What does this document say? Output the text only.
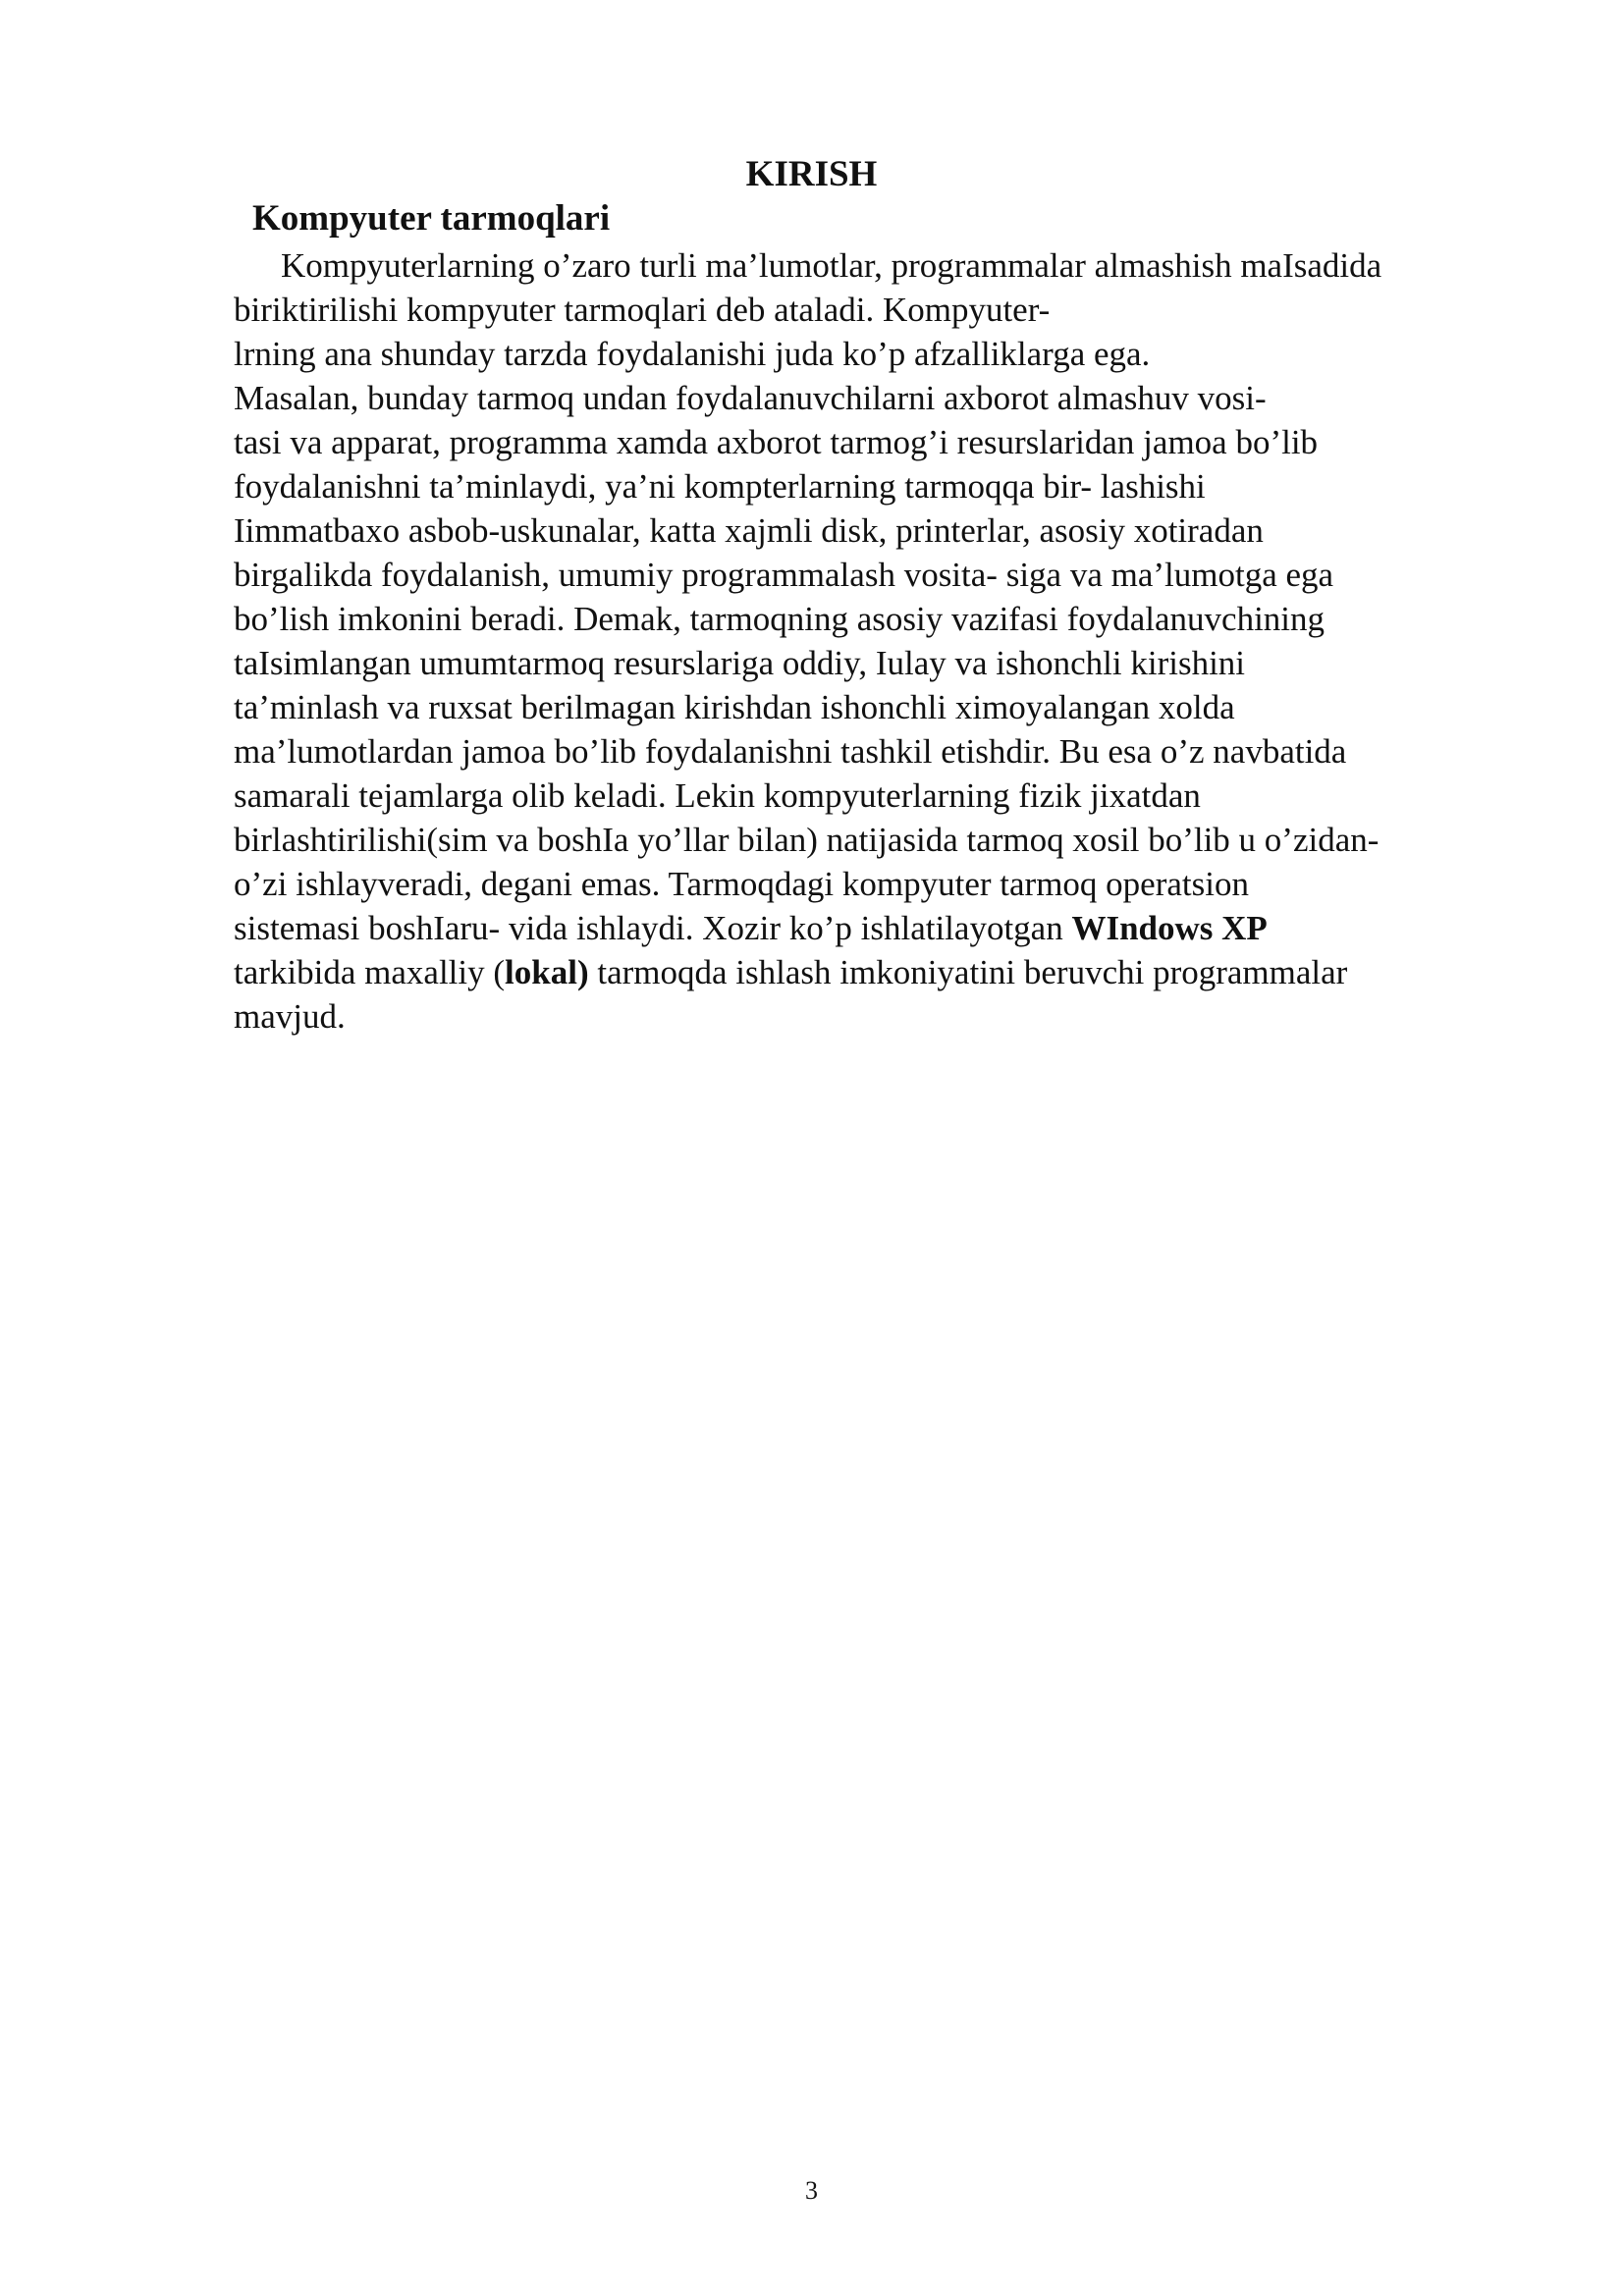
KIRISH
Kompyuter tarmoqlari
Kompyuterlarning o’zaro turli ma’lumotlar, programmalar almashish maIsadida
biriktirilishi kompyuter tarmoqlari deb ataladi. Kompyuter-
lrning ana shunday tarzda foydalanishi juda ko’p afzalliklarga ega.
Masalan, bunday tarmoq undan foydalanuvchilarni axborot almashuv vosi-
tasi va apparat, programma xamda axborot tarmog’i resurslaridan jamoa bo’lib
foydalanishni ta’minlaydi, ya’ni kompterlarning tarmoqqa bir- lashishi
Iimmatbaxo asbob-uskunalar, katta xajmli disk, printerlar, asosiy xotiradan
birgalikda foydalanish, umumiy programmalash vosita- siga va ma’lumotga ega
bo’lish imkonini beradi. Demak, tarmoqning asosiy vazifasi foydalanuvchining
taIsimlangan umumtarmoq resurslariga oddiy, Iulay va ishonchli kirishini
ta’minlash va ruxsat berilmagan kirishdan ishonchli ximoyalangan xolda
ma’lumotlardan jamoa bo’lib foydalanishni tashkil etishdir. Bu esa o’z navbatida
samarali tejamlarga olib keladi. Lekin kompyuterlarning fizik jixatdan
birlashtirilishi(sim va boshIa yo’llar bilan) natijasida tarmoq xosil bo’lib u o’zidan-
o’zi ishlayveradi, degani emas. Tarmoqdagi kompyuter tarmoq operatsion
sistemasi boshIaru- vida ishlaydi. Xozir ko’p ishlatilayotgan WIndows XP
tarkibida maxalliy (lokal) tarmoqda ishlash imkoniyatini beruvchi programmalar
mavjud.
3
